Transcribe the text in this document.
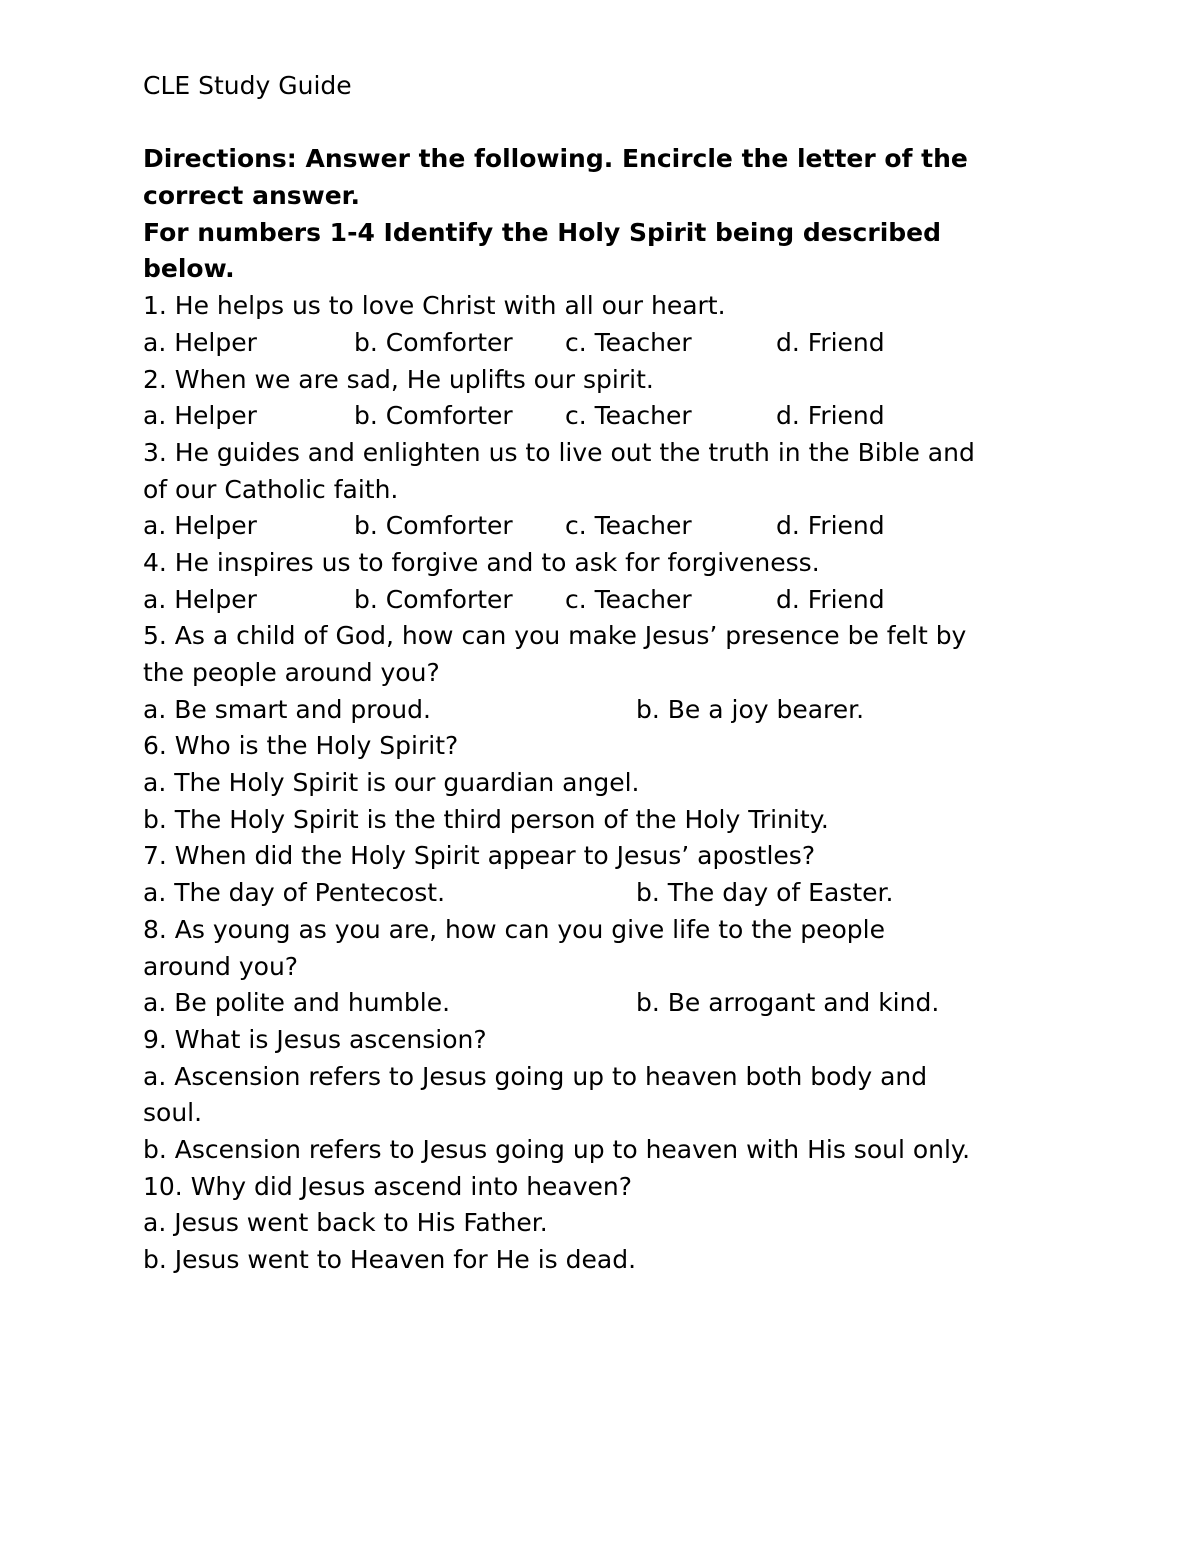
CLE Study Guide
Directions: Answer the following. Encircle the letter of the
correct answer.
For numbers 1-4 Identify the Holy Spirit being described
below.
1. He helps us to love Christ with all our heart.
a. Helper	b. Comforter c. Teacher	d. Friend
2. When we are sad, He uplifts our spirit.
a. Helper	b. Comforter c. Teacher	d. Friend
3. He guides and enlighten us to live out the truth in the Bible and
of our Catholic faith.
a. Helper	b. Comforter c. Teacher	d. Friend
4. He inspires us to forgive and to ask for forgiveness.
a. Helper	b. Comforter c. Teacher	d. Friend
5. As a child of God, how can you make Jesus’ presence be felt by
the people around you?
a. Be smart and proud.	b. Be a joy bearer.
6. Who is the Holy Spirit?
a. The Holy Spirit is our guardian angel.
b. The Holy Spirit is the third person of the Holy Trinity.
7. When did the Holy Spirit appear to Jesus’ apostles?
a. The day of Pentecost.	b. The day of Easter.
8. As young as you are, how can you give life to the people
around you?
a. Be polite and humble.	b. Be arrogant and kind.
9. What is Jesus ascension?
a. Ascension refers to Jesus going up to heaven both body and
soul.
b. Ascension refers to Jesus going up to heaven with His soul only.
10. Why did Jesus ascend into heaven?
a. Jesus went back to His Father.
b. Jesus went to Heaven for He is dead.
